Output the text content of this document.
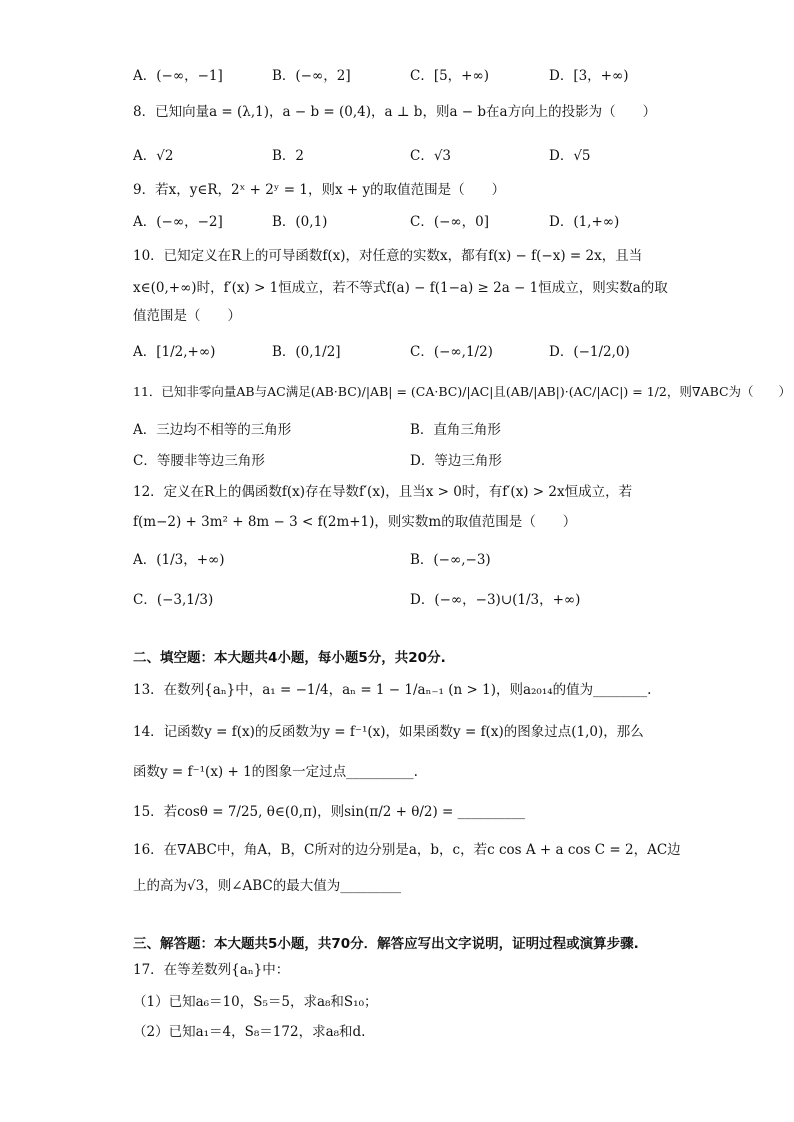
A．(−∞，−1]	B．(−∞，2]	C．[5，+∞)	D．[3，+∞)
8．已知向量a = (λ,1)，a − b = (0,4)，a ⊥ b，则a − b在a方向上的投影为（　　）
A．√2	B．2	C．√3	D．√5
9．若x，y∈R，2ˣ + 2ʸ = 1，则x + y的取值范围是（　　）
A．(−∞，−2]	B．(0,1)	C．(−∞，0]	D．(1,+∞)
10．已知定义在R上的可导函数f(x)，对任意的实数x，都有f(x) − f(−x) = 2x，且当
x∈(0,+∞)时，f′(x) > 1恒成立，若不等式f(a) − f(1−a) ≥ 2a − 1恒成立，则实数a的取
值范围是（　　）
A．[1/2,+∞)	B．(0,1/2]	C．(−∞,1/2)	D．(−1/2,0)
11．已知非零向量AB与AC满足(AB·BC)/|AB| = (CA·BC)/|AC|且(AB/|AB|)·(AC/|AC|) = 1/2，则∇ABC为（　　）
A．三边均不相等的三角形	B．直角三角形
C．等腰非等边三角形	D．等边三角形
12．定义在R上的偶函数f(x)存在导数f′(x)，且当x > 0时，有f′(x) > 2x恒成立，若
f(m−2) + 3m² + 8m − 3 < f(2m+1)，则实数m的取值范围是（　　）
A．(1/3，+∞)	B．(−∞,−3)
C．(−3,1/3)	D．(−∞，−3)∪(1/3，+∞)
二、填空题：本大题共4小题，每小题5分，共20分.
13．在数列{aₙ}中，a₁ = −1/4，aₙ = 1 − 1/aₙ₋₁ (n > 1)，则a₂₀₁₄的值为________.
14．记函数y = f(x)的反函数为y = f⁻¹(x)，如果函数y = f(x)的图象过点(1,0)，那么
函数y = f⁻¹(x) + 1的图象一定过点__________.
15．若cosθ = 7/25, θ∈(0,π)，则sin(π/2 + θ/2) = __________
16．在∇ABC中，角A，B，C所对的边分别是a，b，c，若c cos A + a cos C = 2，AC边
上的高为√3，则∠ABC的最大值为_________
三、解答题：本大题共5小题，共70分．解答应写出文字说明，证明过程或演算步骤.
17．在等差数列{aₙ}中：
（1）已知a₆＝10，S₅＝5，求a₈和S₁₀；
（2）已知a₁＝4，S₈＝172，求a₈和d.
